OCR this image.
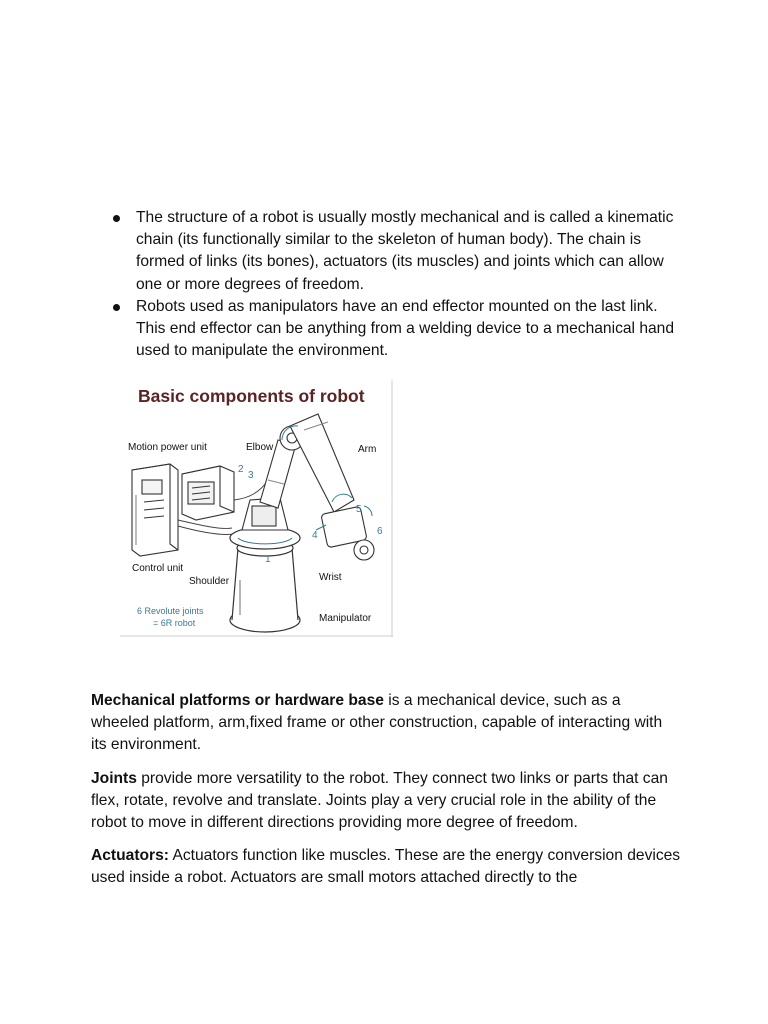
The structure of a robot is usually mostly mechanical and is called a kinematic chain (its functionally similar to the skeleton of human body). The chain is formed of links (its bones), actuators (its muscles) and joints which can allow one or more degrees of freedom.
Robots used as manipulators have an end effector mounted on the last link. This end effector can be anything from a welding device to a mechanical hand used to manipulate the environment.
Basic components of robot
1
2
3
4
5
6
Motion power unit	Elbow	Arm
Control unit
Shoulder	Wrist
Manipulator
6 Revolute joints
= 6R robot

Mechanical platforms or hardware base is a mechanical device, such as a wheeled platform, arm,fixed frame or other construction, capable of interacting with its environment.

Joints provide more versatility to the robot. They connect two links or parts that can flex, rotate, revolve and translate. Joints play a very crucial role in the ability of the robot to move in different directions providing more degree of freedom.

Actuators: Actuators function like muscles. These are the energy conversion devices used inside a robot. Actuators are small motors attached directly to the
